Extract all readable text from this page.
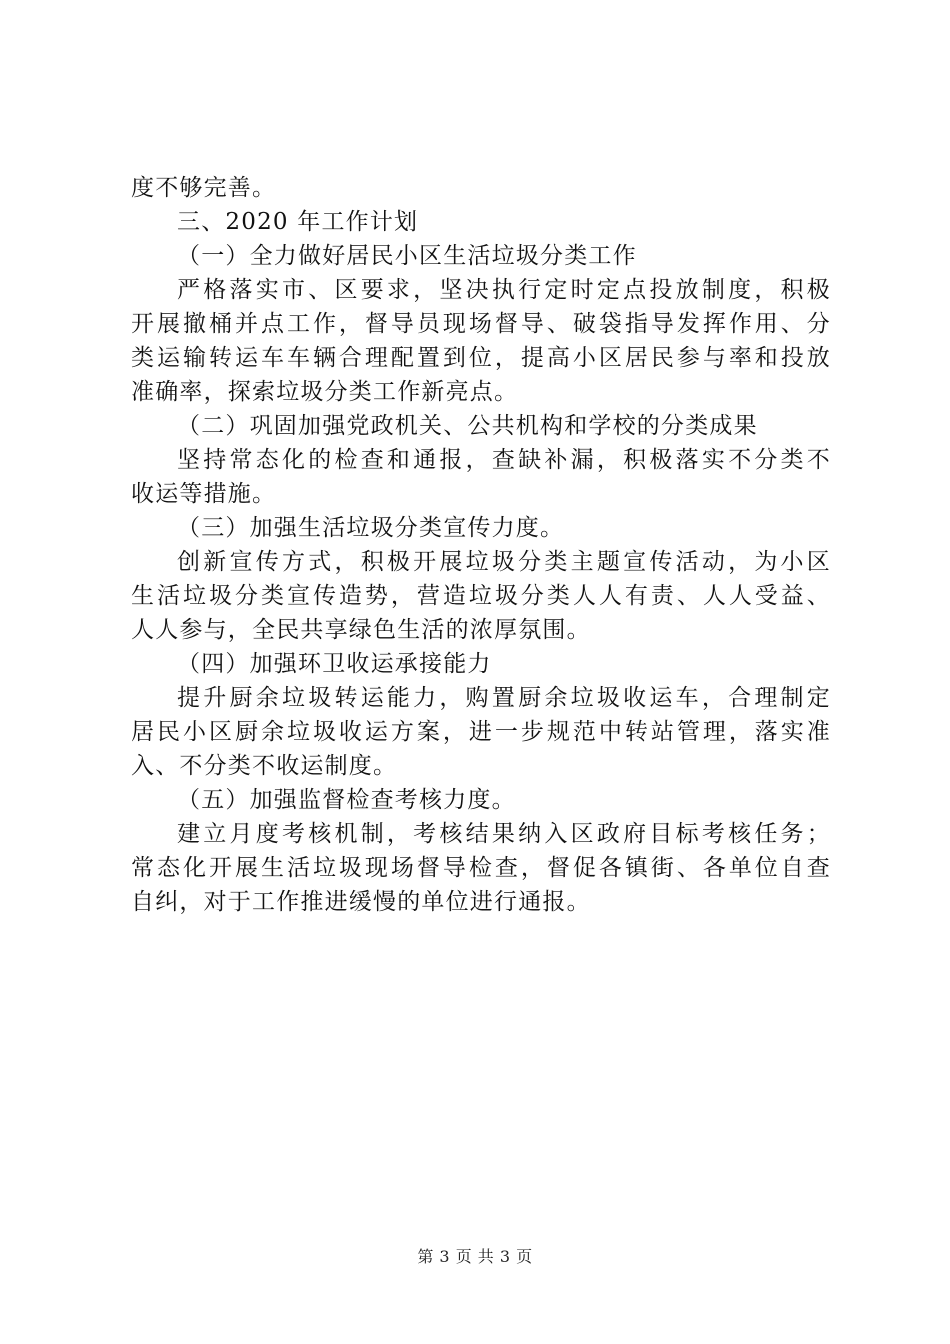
度不够完善。
三、2020 年工作计划
（一）全力做好居民小区生活垃圾分类工作
严格落实市、区要求，坚决执行定时定点投放制度，积极
开展撤桶并点工作，督导员现场督导、破袋指导发挥作用、分
类运输转运车车辆合理配置到位，提高小区居民参与率和投放
准确率，探索垃圾分类工作新亮点。
（二）巩固加强党政机关、公共机构和学校的分类成果
坚持常态化的检查和通报，查缺补漏，积极落实不分类不
收运等措施。
（三）加强生活垃圾分类宣传力度。
创新宣传方式，积极开展垃圾分类主题宣传活动，为小区
生活垃圾分类宣传造势，营造垃圾分类人人有责、人人受益、
人人参与，全民共享绿色生活的浓厚氛围。
（四）加强环卫收运承接能力
提升厨余垃圾转运能力，购置厨余垃圾收运车，合理制定
居民小区厨余垃圾收运方案，进一步规范中转站管理，落实准
入、不分类不收运制度。
（五）加强监督检查考核力度。
建立月度考核机制，考核结果纳入区政府目标考核任务；
常态化开展生活垃圾现场督导检查，督促各镇街、各单位自查
自纠，对于工作推进缓慢的单位进行通报。
第 3 页 共 3 页
